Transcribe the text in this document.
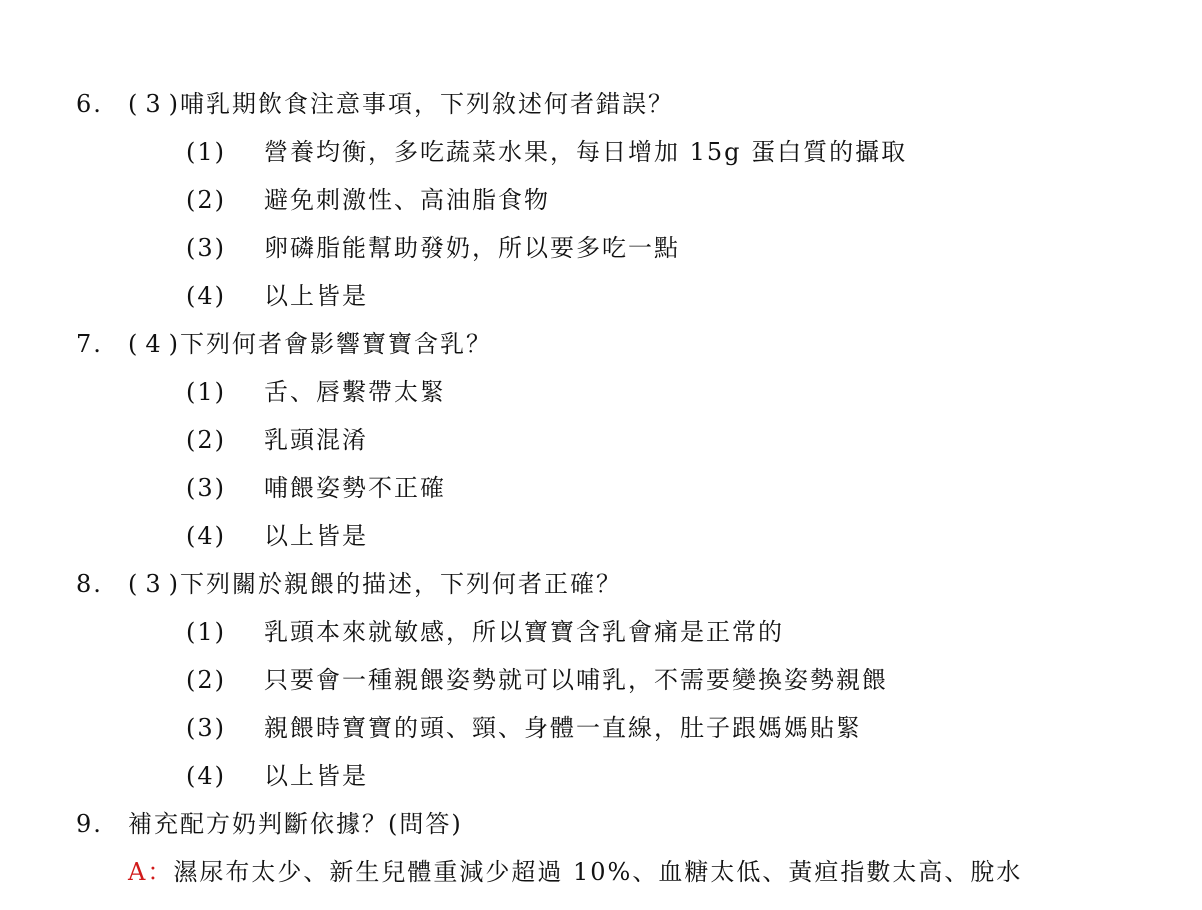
6. ( 3 )哺乳期飲食注意事項，下列敘述何者錯誤？
(1) 營養均衡，多吃蔬菜水果，每日增加 15g 蛋白質的攝取
(2) 避免刺激性、高油脂食物
(3) 卵磷脂能幫助發奶，所以要多吃一點
(4) 以上皆是
7. ( 4 )下列何者會影響寶寶含乳？
(1) 舌、唇繫帶太緊
(2) 乳頭混淆
(3) 哺餵姿勢不正確
(4) 以上皆是
8. ( 3 )下列關於親餵的描述，下列何者正確？
(1) 乳頭本來就敏感，所以寶寶含乳會痛是正常的
(2) 只要會一種親餵姿勢就可以哺乳，不需要變換姿勢親餵
(3) 親餵時寶寶的頭、頸、身體一直線，肚子跟媽媽貼緊
(4) 以上皆是
9. 補充配方奶判斷依據？(問答)
A：濕尿布太少、新生兒體重減少超過 10%、血糖太低、黃疸指數太高、脫水
